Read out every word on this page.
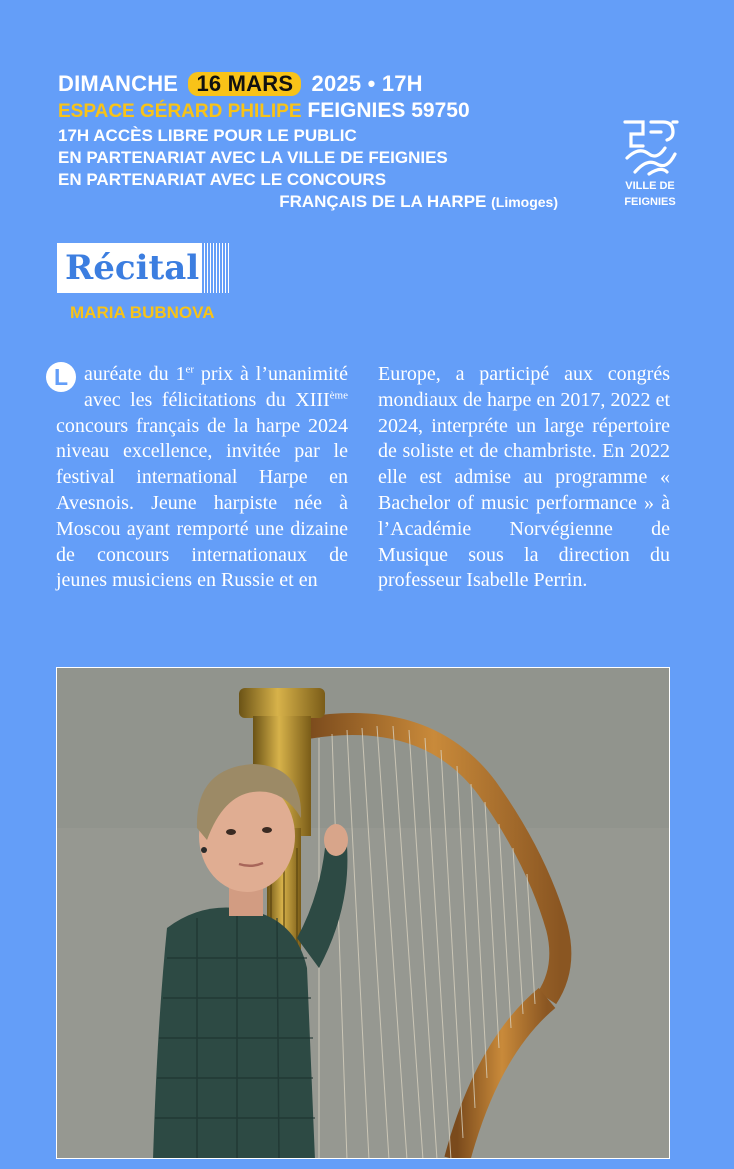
DIMANCHE 16 MARS 2025 • 17H
ESPACE GÉRARD PHILIPE FEIGNIES 59750
17H ACCÈS LIBRE POUR LE PUBLIC
EN PARTENARIAT AVEC LA VILLE DE FEIGNIES
EN PARTENARIAT AVEC LE CONCOURS
FRANÇAIS DE LA HARPE (Limoges)
VILLE DE
FEIGNIES
Récital
MARIA BUBNOVA
L auréate du 1er prix à l’unanimité avec les félicitations du XIIIème concours français de la harpe 2024 niveau excellence, invitée par le festival international Harpe en Avesnois. Jeune harpiste née à Moscou ayant remporté une dizaine de concours internationaux de jeunes musiciens en Russie et en
Europe, a participé aux congrés mondiaux de harpe en 2017, 2022 et 2024, interpréte un large répertoire de soliste et de chambriste. En 2022 elle est admise au programme « Bachelor of music performance » à l’Académie Norvégienne de Musique sous la direction du professeur Isabelle Perrin.
